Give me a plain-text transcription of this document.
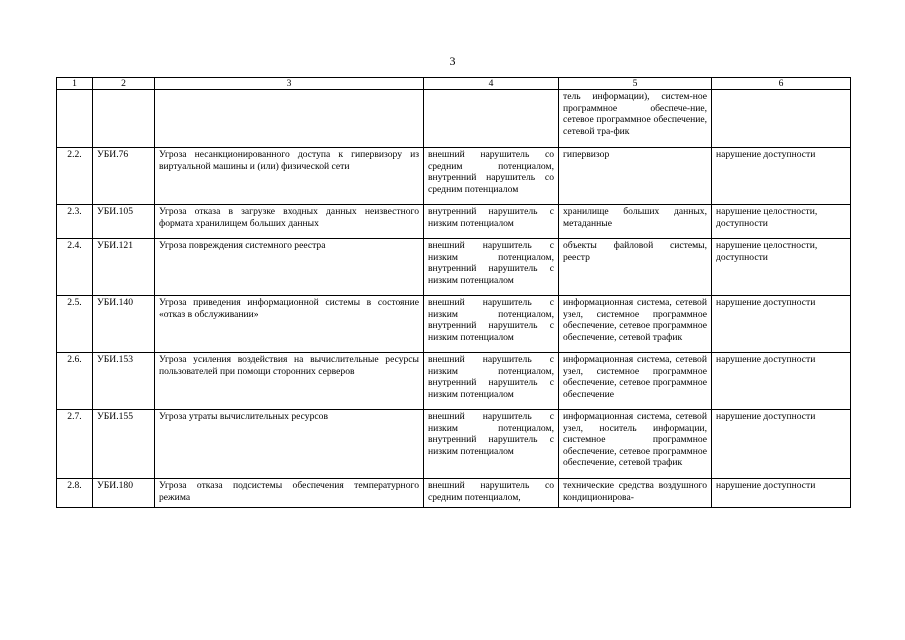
3
1	2	3	4	5	6
				тель информации), систем-ное программное обеспече-ние, сетевое программное обеспечение, сетевой тра-фик	
2.2.	УБИ.76	Угроза несанкционированного доступа к гипервизору из виртуальной машины и (или) физической сети	внешний нарушитель со средним потенциалом, внутренний нарушитель со средним потенциалом	гипервизор	нарушение доступности
2.3.	УБИ.105	Угроза отказа в загрузке входных данных неизвестного формата хранилищем больших данных	внутренний нарушитель с низким потенциалом	хранилище больших данных, метаданные	нарушение целостности, доступности
2.4.	УБИ.121	Угроза повреждения системного реестра	внешний нарушитель с низким потенциалом, внутренний нарушитель с низким потенциалом	объекты файловой системы, реестр	нарушение целостности, доступности
2.5.	УБИ.140	Угроза приведения информационной системы в состояние «отказ в обслуживании»	внешний нарушитель с низким потенциалом, внутренний нарушитель с низким потенциалом	информационная система, сетевой узел, системное программное обеспечение, сетевое программное обеспечение, сетевой трафик	нарушение доступности
2.6.	УБИ.153	Угроза усиления воздействия на вычислительные ресурсы пользователей при помощи сторонних серверов	внешний нарушитель с низким потенциалом, внутренний нарушитель с низким потенциалом	информационная система, сетевой узел, системное программное обеспечение, сетевое программное обеспечение	нарушение доступности
2.7.	УБИ.155	Угроза утраты вычислительных ресурсов	внешний нарушитель с низким потенциалом, внутренний нарушитель с низким потенциалом	информационная система, сетевой узел, носитель информации, системное программное обеспечение, сетевое программное обеспечение, сетевой трафик	нарушение доступности
2.8.	УБИ.180	Угроза отказа подсистемы обеспечения температурного режима	внешний нарушитель со средним потенциалом,	технические средства воздушного кондиционирова-	нарушение доступности
